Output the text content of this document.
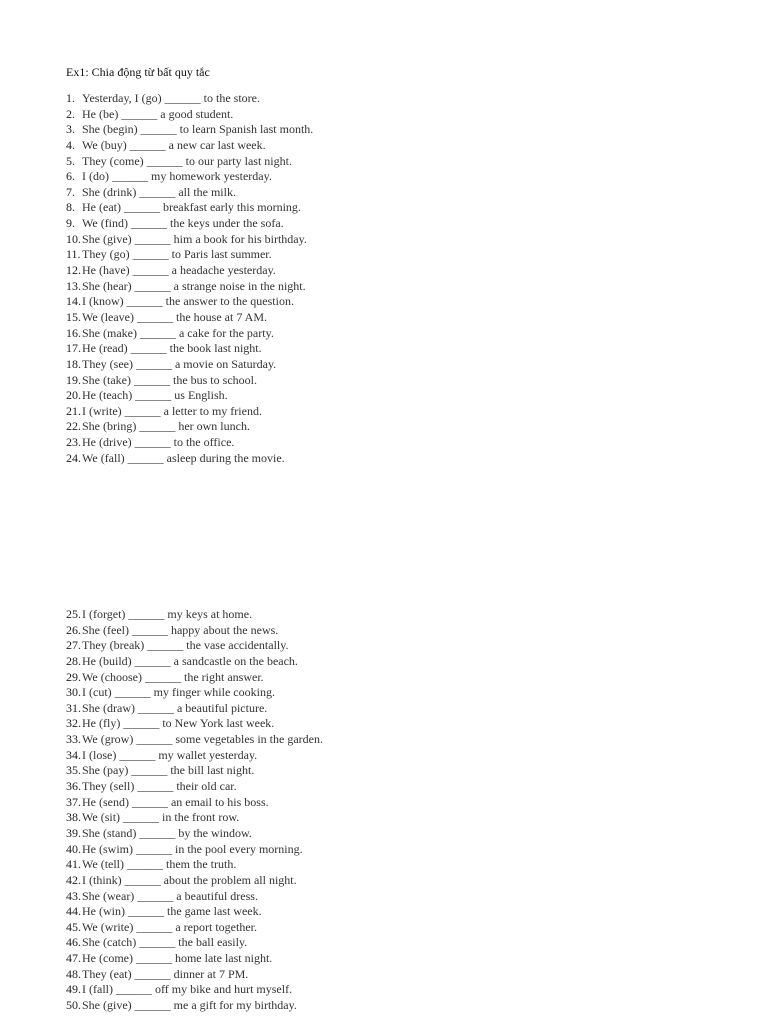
Ex1: Chia động từ bất quy tắc
1. Yesterday, I (go) ______ to the store.
2. He (be) ______ a good student.
3. She (begin) ______ to learn Spanish last month.
4. We (buy) ______ a new car last week.
5. They (come) ______ to our party last night.
6. I (do) ______ my homework yesterday.
7. She (drink) ______ all the milk.
8. He (eat) ______ breakfast early this morning.
9. We (find) ______ the keys under the sofa.
10. She (give) ______ him a book for his birthday.
11. They (go) ______ to Paris last summer.
12. He (have) ______ a headache yesterday.
13. She (hear) ______ a strange noise in the night.
14. I (know) ______ the answer to the question.
15. We (leave) ______ the house at 7 AM.
16. She (make) ______ a cake for the party.
17. He (read) ______ the book last night.
18. They (see) ______ a movie on Saturday.
19. She (take) ______ the bus to school.
20. He (teach) ______ us English.
21. I (write) ______ a letter to my friend.
22. She (bring) ______ her own lunch.
23. He (drive) ______ to the office.
24. We (fall) ______ asleep during the movie.
25. I (forget) ______ my keys at home.
26. She (feel) ______ happy about the news.
27. They (break) ______ the vase accidentally.
28. He (build) ______ a sandcastle on the beach.
29. We (choose) ______ the right answer.
30. I (cut) ______ my finger while cooking.
31. She (draw) ______ a beautiful picture.
32. He (fly) ______ to New York last week.
33. We (grow) ______ some vegetables in the garden.
34. I (lose) ______ my wallet yesterday.
35. She (pay) ______ the bill last night.
36. They (sell) ______ their old car.
37. He (send) ______ an email to his boss.
38. We (sit) ______ in the front row.
39. She (stand) ______ by the window.
40. He (swim) ______ in the pool every morning.
41. We (tell) ______ them the truth.
42. I (think) ______ about the problem all night.
43. She (wear) ______ a beautiful dress.
44. He (win) ______ the game last week.
45. We (write) ______ a report together.
46. She (catch) ______ the ball easily.
47. He (come) ______ home late last night.
48. They (eat) ______ dinner at 7 PM.
49. I (fall) ______ off my bike and hurt myself.
50. She (give) ______ me a gift for my birthday.
